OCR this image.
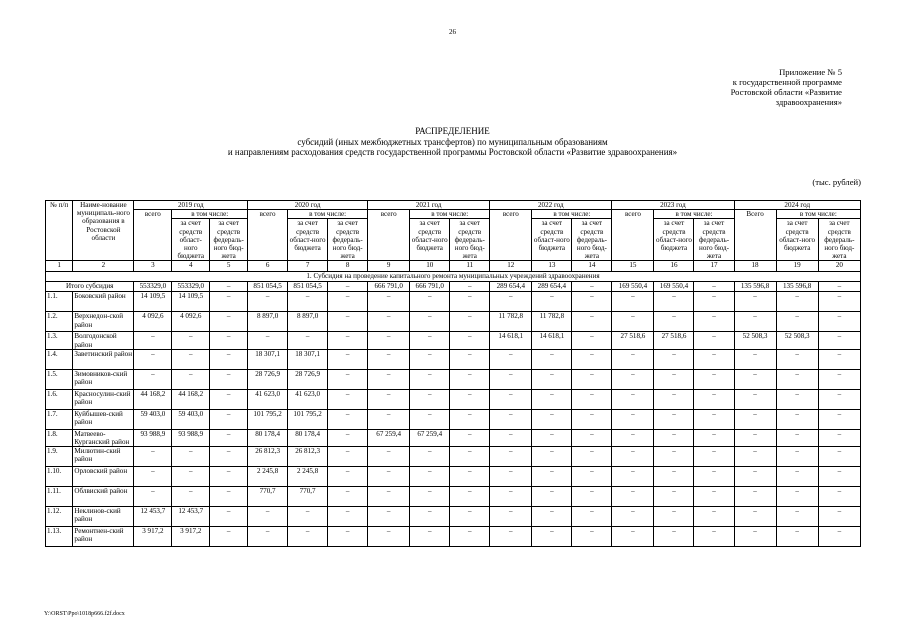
26
Приложение № 5
к государственной программе
Ростовской области «Развитие
здравоохранения»
РАСПРЕДЕЛЕНИЕ
субсидий (иных межбюджетных трансфертов) по муниципальным образованиям
и направлениям расходования средств государственной программы Ростовской области «Развитие здравоохранения»
(тыс. рублей)
№ п/п	Наиме-нование муниципаль-ного образования в Ростовской области	2019 год			2020 год			2021 год			2022 год			2023 год			2024 год		
		всего	в том числе:		всего	в том числе:		всего	в том числе:		всего	в том числе:		всего	в том числе:		Всего	в том числе:	
			за счет средств област-ного бюджета	за счет средств федераль-ного бюд-жета		за счет средств област-ного бюджета	за счет средств федераль-ного бюд-жета		за счет средств област-ного бюджета	за счет средств федераль-ного бюд-жета		за счет средств област-ного бюджета	за счет средств федераль-ного бюд-жета		за счет средств област-ного бюджета	за счет средств федераль-ного бюд-жета		за счет средств област-ного бюджета	за счет средств федераль-ного бюд-жета
1	2	3	4	5	6	7	8	9	10	11	12	13	14	15	16	17	18	19	20
1. Субсидия на проведение капитального ремонта муниципальных учреждений здравоохранения																			
Итого субсидия		553329,0	553329,0	–	851 054,5	851 054,5	–	666 791,0	666 791,0	–	289 654,4	289 654,4	–	169 550,4	169 550,4	–	135 596,8	135 596,8	–
1.1.	Боковский район	14 109,5	14 109,5	–	–	–	–	–	–	–	–	–	–	–	–	–	–	–	–
1.2.	Верхнедон-ской район	4 092,6	4 092,6	–	8 897,0	8 897,0	–	–	–	–	11 782,8	11 782,8	–	–	–	–	–	–	–
1.3.	Волгодонской район	–	–	–	–	–	–	–	–	–	14 618,1	14 618,1	–	27 518,6	27 518,6	–	52 508,3	52 508,3	–
1.4.	Заветинский район	–	–	–	18 307,1	18 307,1	–	–	–	–	–	–	–	–	–	–	–	–	–
1.5.	Зимовников-ский район	–	–	–	28 726,9	28 726,9	–	–	–	–	–	–	–	–	–	–	–	–	–
1.6.	Красносулин-ский район	44 168,2	44 168,2	–	41 623,0	41 623,0	–	–	–	–	–	–	–	–	–	–	–	–	–
1.7.	Куйбышев-ский район	59 403,0	59 403,0	–	101 795,2	101 795,2	–	–	–	–	–	–	–	–	–	–	–	–	–
1.8.	Матвеево-Курганский район	93 988,9	93 988,9	–	80 178,4	80 178,4	–	67 259,4	67 259,4	–	–	–	–	–	–	–	–	–	–
1.9.	Милютин-ский район	–	–	–	26 812,3	26 812,3	–	–	–	–	–	–	–	–	–	–	–	–	–
1.10.	Орловский район	–	–	–	2 245,8	2 245,8	–	–	–	–	–	–	–	–	–	–	–	–	–
1.11.	Облвиский район	–	–	–	770,7	770,7	–	–	–	–	–	–	–	–	–	–	–	–	–
1.12.	Неклинов-ский район	12 453,7	12 453,7	–	–	–	–	–	–	–	–	–	–	–	–	–	–	–	–
1.13.	Ремонтнен-ский район	3 917,2	3 917,2	–	–	–	–	–	–	–	–	–	–	–	–	–	–	–	–
Y:\ORST\Ppo\1018p666.f2f.docx
